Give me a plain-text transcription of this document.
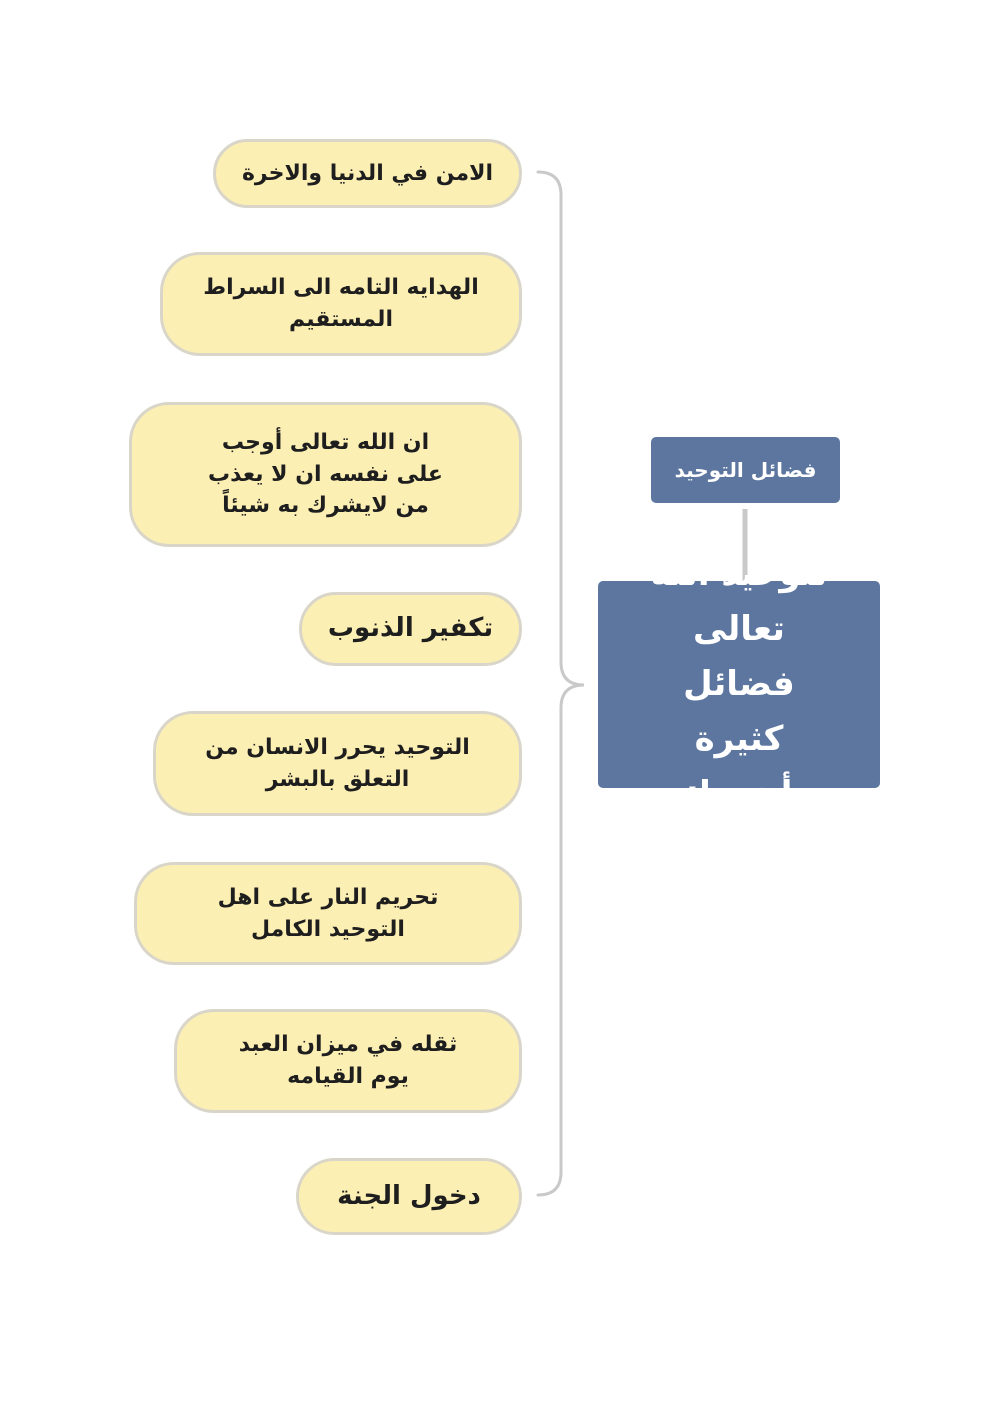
الامن في الدنيا والاخرة
الهدايه التامه الى السراط المستقيم
ان الله تعالى أوجب على نفسه ان لا يعذب من لايشرك به شيئاً
تكفير الذنوب
التوحيد يحرر الانسان من التعلق بالبشر
تحريم النار على اهل التوحيد الكامل
ثقله في ميزان العبد يوم القيامه
دخول الجنة
فضائل التوحيد
لتوحيد الله تعالى فضائل كثيرة أهمها:
